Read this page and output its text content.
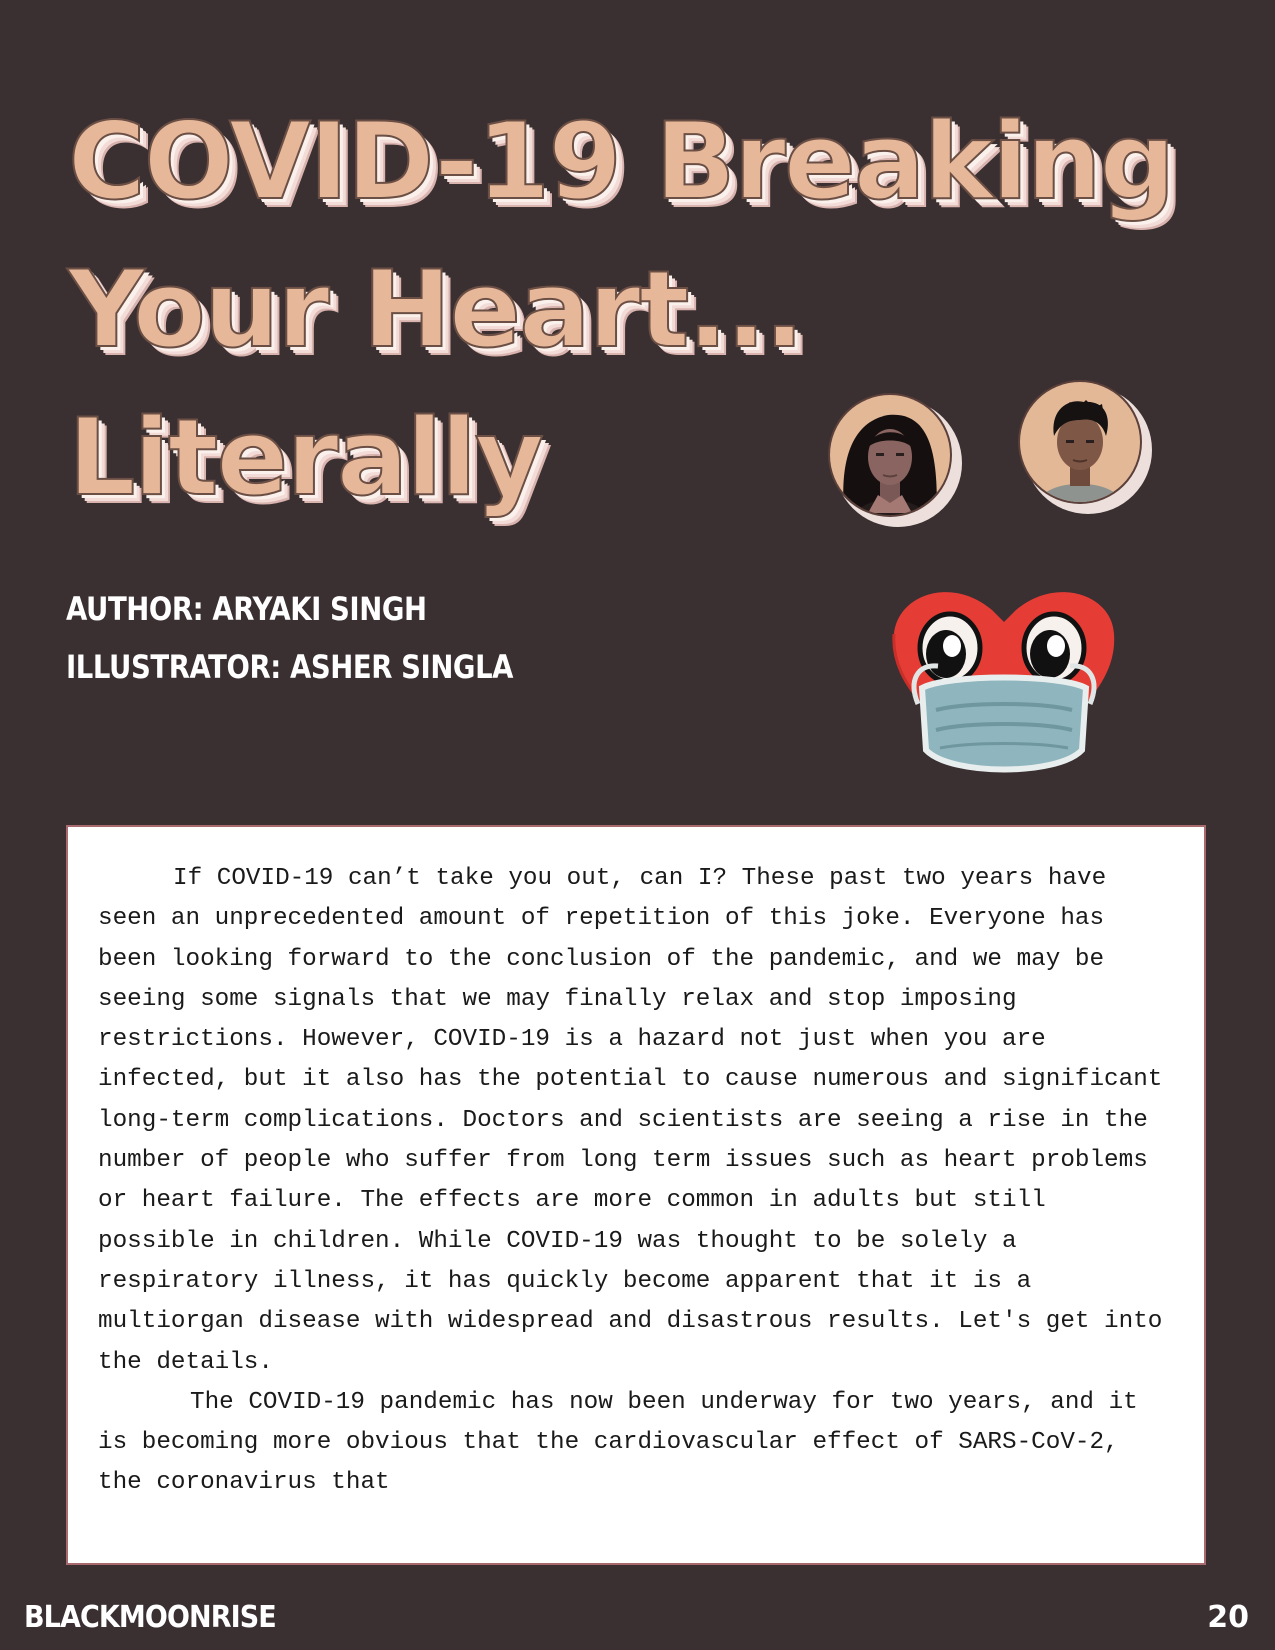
COVID-19 Breaking
Your Heart...
Literally
AUTHOR: ARYAKI SINGH
ILLUSTRATOR: ASHER SINGLA

If COVID-19 can’t take you out, can I? These past two years have seen an unprecedented amount of repetition of this joke. Everyone has been looking forward to the conclusion of the pandemic, and we may be seeing some signals that we may finally relax and stop imposing restrictions. However, COVID-19 is a hazard not just when you are infected, but it also has the potential to cause numerous and significant long-term complications. Doctors and scientists are seeing a rise in the number of people who suffer from long term issues such as heart problems or heart failure. The effects are more common in adults but still possible in children. While COVID-19 was thought to be solely a respiratory illness, it has quickly become apparent that it is a multiorgan disease with widespread and disastrous results. Let's get into the details.

The COVID-19 pandemic has now been underway for two years, and it is becoming more obvious that the cardiovascular effect of SARS-CoV-2, the coronavirus that

BLACKMOONRISE	20
